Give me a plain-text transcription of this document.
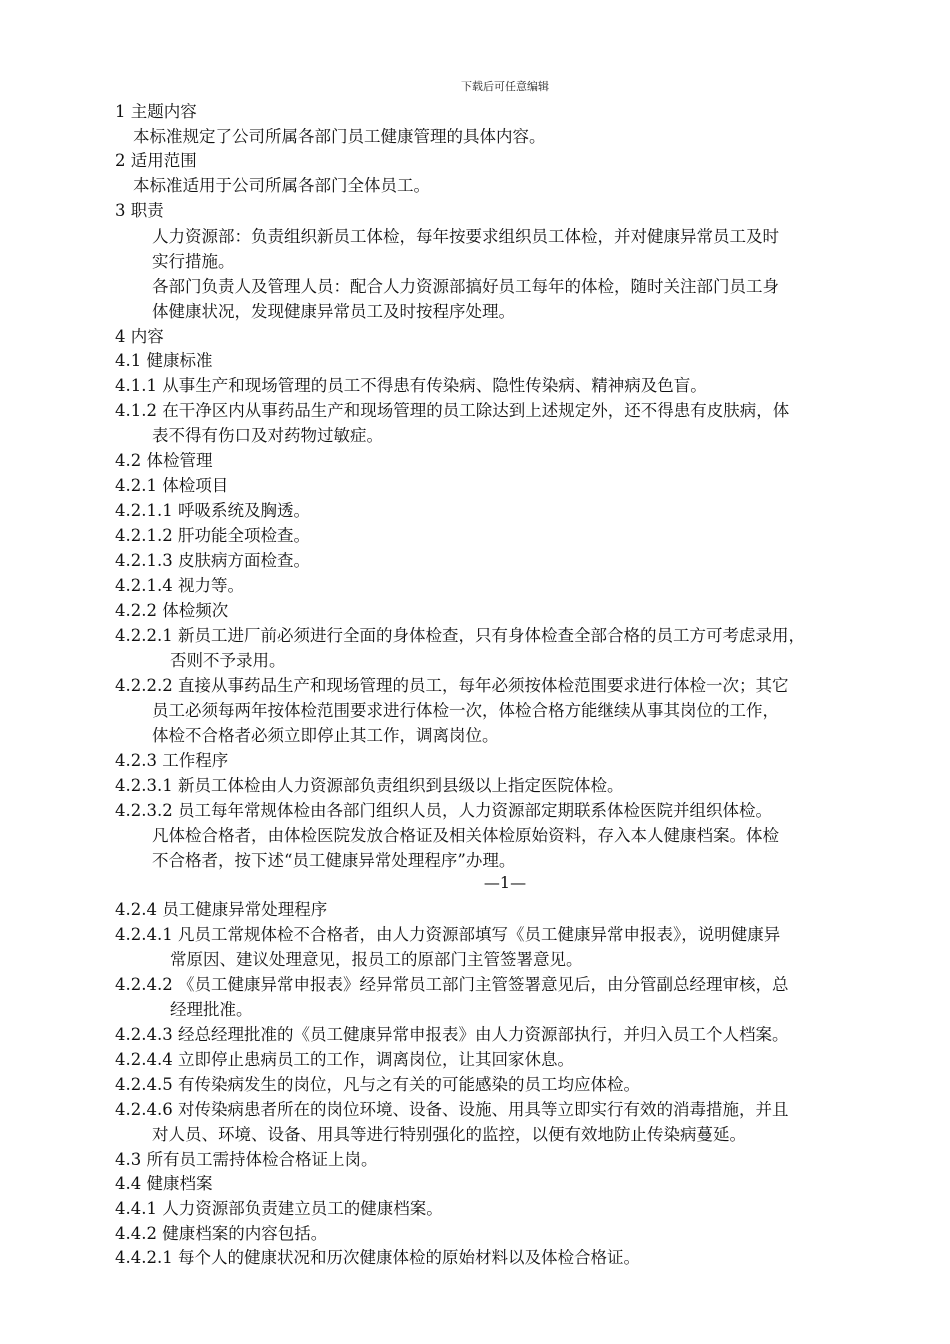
下载后可任意编辑
1 主题内容
本标准规定了公司所属各部门员工健康管理的具体内容。
2 适用范围
本标准适用于公司所属各部门全体员工。
3 职责
人力资源部：负责组织新员工体检，每年按要求组织员工体检，并对健康异常员工及时
实行措施。
各部门负责人及管理人员：配合人力资源部搞好员工每年的体检，随时关注部门员工身
体健康状况，发现健康异常员工及时按程序处理。
4 内容
4.1 健康标准
4.1.1 从事生产和现场管理的员工不得患有传染病、隐性传染病、精神病及色盲。
4.1.2 在干净区内从事药品生产和现场管理的员工除达到上述规定外，还不得患有皮肤病，体
表不得有伤口及对药物过敏症。
4.2 体检管理
4.2.1 体检项目
4.2.1.1 呼吸系统及胸透。
4.2.1.2 肝功能全项检查。
4.2.1.3 皮肤病方面检查。
4.2.1.4 视力等。
4.2.2 体检频次
4.2.2.1 新员工进厂前必须进行全面的身体检查，只有身体检查全部合格的员工方可考虑录用，
否则不予录用。
4.2.2.2 直接从事药品生产和现场管理的员工，每年必须按体检范围要求进行体检一次；其它
员工必须每两年按体检范围要求进行体检一次，体检合格方能继续从事其岗位的工作，
体检不合格者必须立即停止其工作，调离岗位。
4.2.3 工作程序
4.2.3.1 新员工体检由人力资源部负责组织到县级以上指定医院体检。
4.2.3.2 员工每年常规体检由各部门组织人员，人力资源部定期联系体检医院并组织体检。
凡体检合格者，由体检医院发放合格证及相关体检原始资料，存入本人健康档案。体检
不合格者，按下述“员工健康异常处理程序”办理。
4.2.4 员工健康异常处理程序
4.2.4.1 凡员工常规体检不合格者，由人力资源部填写《员工健康异常申报表》，说明健康异
常原因、建议处理意见，报员工的原部门主管签署意见。
4.2.4.2 《员工健康异常申报表》经异常员工部门主管签署意见后，由分管副总经理审核，总
经理批准。
4.2.4.3 经总经理批准的《员工健康异常申报表》由人力资源部执行，并归入员工个人档案。
4.2.4.4 立即停止患病员工的工作，调离岗位，让其回家休息。
4.2.4.5 有传染病发生的岗位，凡与之有关的可能感染的员工均应体检。
4.2.4.6 对传染病患者所在的岗位环境、设备、设施、用具等立即实行有效的消毒措施，并且
对人员、环境、设备、用具等进行特别强化的监控，以便有效地防止传染病蔓延。
4.3 所有员工需持体检合格证上岗。
4.4 健康档案
4.4.1 人力资源部负责建立员工的健康档案。
4.4.2 健康档案的内容包括。
4.4.2.1 每个人的健康状况和历次健康体检的原始材料以及体检合格证。
—1—
